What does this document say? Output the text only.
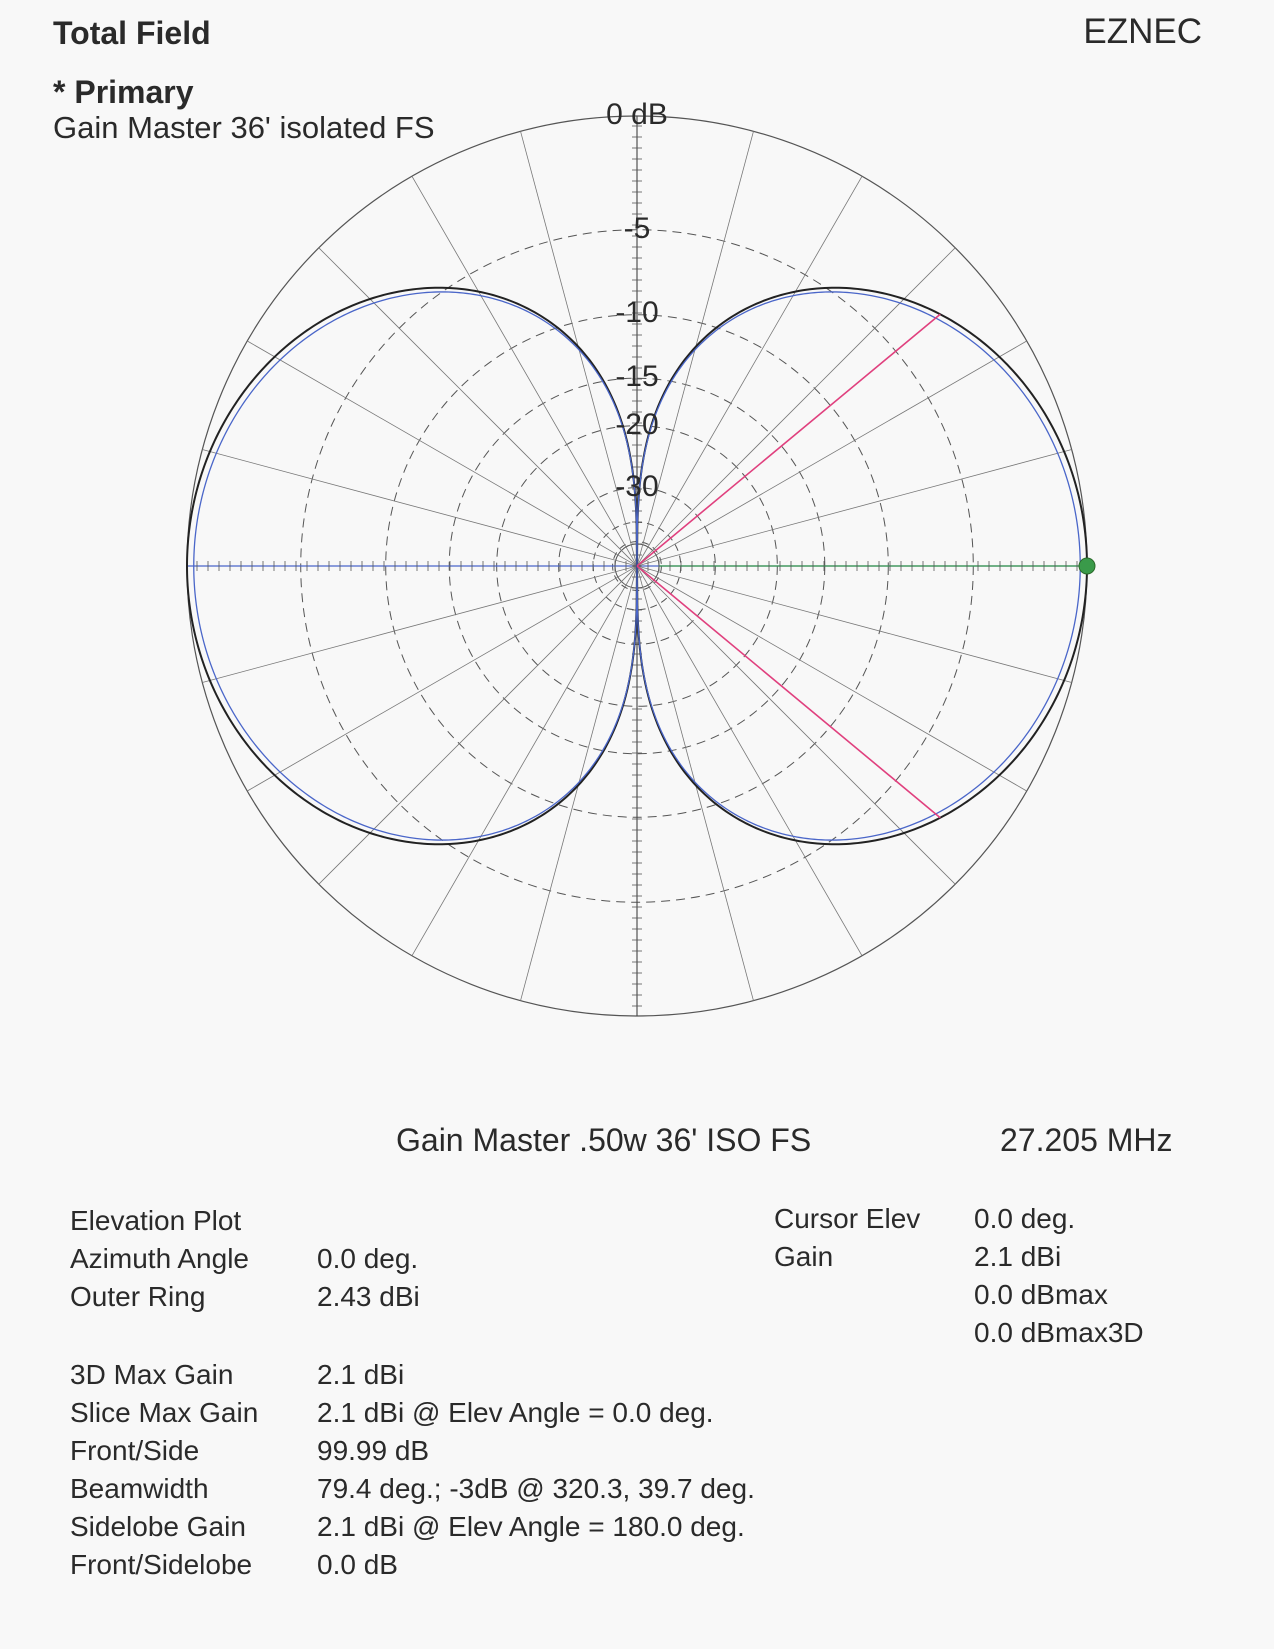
Total Field	EZNEC
* Primary
Gain Master 36' isolated FS	0 dB
-5
-10
-15
-20
-30
Gain Master .50w 36' ISO FS	27.205 MHz
Elevation Plot
Azimuth Angle 0.0 deg.
Outer Ring	2.43 dBi
3D Max Gain	2.1 dBi
Slice Max Gain 2.1 dBi @ Elev Angle = 0.0 deg.
Front/Side	99.99 dB
Beamwidth	79.4 deg.; -3dB @ 320.3, 39.7 deg.
Sidelobe Gain	2.1 dBi @ Elev Angle = 180.0 deg.
Front/Sidelobe 0.0 dB
Cursor Elev 0.0 deg.
Gain	2.1 dBi
0.0 dBmax
0.0 dBmax3D
